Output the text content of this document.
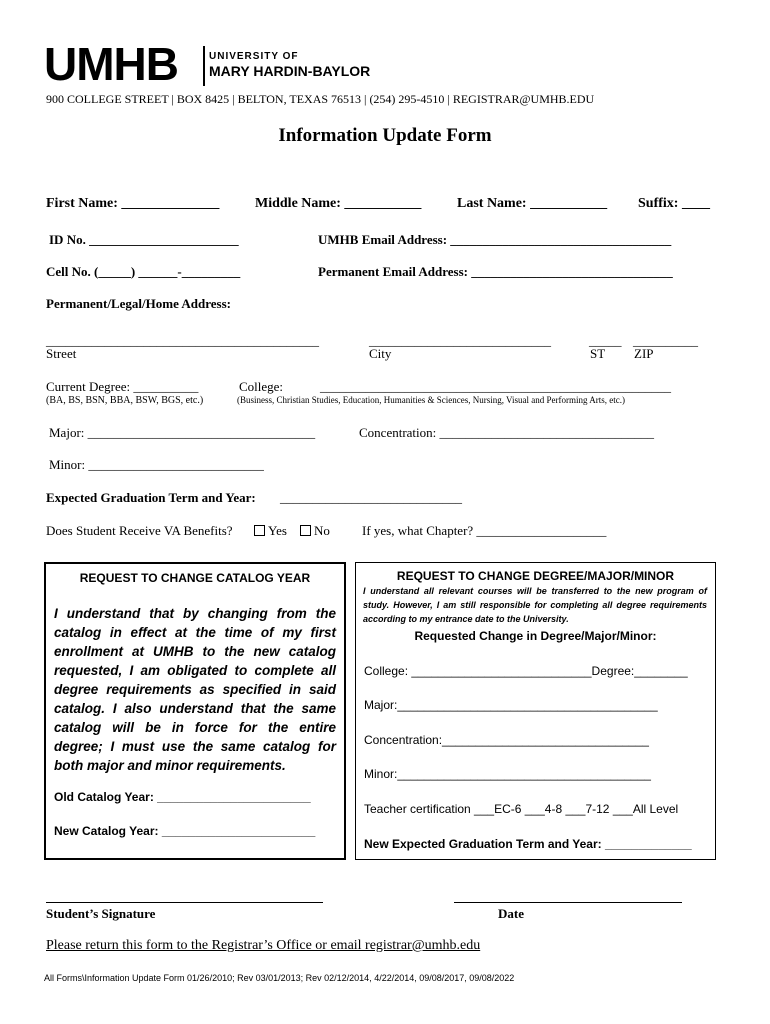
UMHB	UNIVERSITY OF
MARY HARDIN-BAYLOR
900 COLLEGE STREET | BOX 8425 | BELTON, TEXAS 76513 | (254) 295-4510 | REGISTRAR@UMHB.EDU
Information Update Form
First Name: ______________	Middle Name: ___________	Last Name: ___________ Suffix: ____
ID No. _______________________	UMHB Email Address: __________________________________
Cell No. (_____) ______-_________	Permanent Email Address: _______________________________
Permanent/Legal/Home Address:
__________________________________________	____________________________	_____ __________
Street	City	ST ZIP
Current Degree: __________
(BA, BS, BSN, BBA, BSW, BGS, etc.)
College:	______________________________________________________
(Business, Christian Studies, Education, Humanities & Sciences, Nursing, Visual and Performing Arts, etc.)
Major: ___________________________________	Concentration: _________________________________
Minor: ___________________________
Expected Graduation Term and Year: ____________________________
Does Student Receive VA Benefits?	Yes No If yes, what Chapter? ____________________
REQUEST TO CHANGE CATALOG YEAR
I understand that by changing from the catalog in effect at the time of my first enrollment at UMHB to the new catalog requested, I am obligated to complete all degree requirements as specified in said catalog. I also understand that the same catalog will be in force for the entire degree; I must use the same catalog for both major and minor requirements.
Old Catalog Year: _______________________
New Catalog Year: _______________________
REQUEST TO CHANGE DEGREE/MAJOR/MINOR
I understand all relevant courses will be transferred to the new program of study. However, I am still responsible for completing all degree requirements according to my entrance date to the University.
Requested Change in Degree/Major/Minor:
College: ___________________________Degree:________
Major:_______________________________________
Concentration:_______________________________
Minor:______________________________________
Teacher certification ___EC-6 ___4-8 ___7-12 ___All Level
New Expected Graduation Term and Year: _____________
Student’s Signature	Date
Please return this form to the Registrar’s Office or email registrar@umhb.edu
All Forms\Information Update Form 01/26/2010; Rev 03/01/2013; Rev 02/12/2014, 4/22/2014, 09/08/2017, 09/08/2022
